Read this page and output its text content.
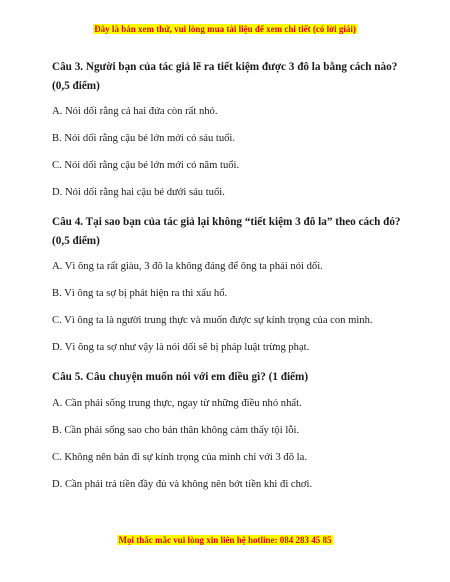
Đây là bản xem thử, vui lòng mua tài liệu để xem chi tiết (có lời giải)
Câu 3. Người bạn của tác giả lẽ ra tiết kiệm được 3 đô la bằng cách nào? (0,5 điểm)
A. Nói dối rằng cả hai đứa còn rất nhỏ.
B. Nói dối rằng cậu bé lớn mới có sáu tuổi.
C. Nói dối rằng cậu bé lớn mới có năm tuổi.
D. Nói dối rằng hai cậu bé dưới sáu tuổi.
Câu 4. Tại sao bạn của tác giả lại không “tiết kiệm 3 đô la” theo cách đó? (0,5 điểm)
A. Vì ông ta rất giàu, 3 đô la không đáng để ông ta phải nói dối.
B. Vì ông ta sợ bị phát hiện ra thì xấu hổ.
C. Vì ông ta là người trung thực và muốn được sự kính trọng của con mình.
D. Vì ông ta sợ như vậy là nói dối sẽ bị pháp luật trừng phạt.
Câu 5. Câu chuyện muốn nói với em điều gì? (1 điểm)
A. Cần phải sống trung thực, ngay từ những điều nhỏ nhất.
B. Cần phải sống sao cho bản thân không cảm thấy tội lỗi.
C. Không nên bán đi sự kính trọng của mình chỉ với 3 đô la.
D. Cần phải trả tiền đầy đủ và không nên bớt tiền khi đi chơi.
Mọi thắc mắc vui lòng xin liên hệ hotline: 084 283 45 85
